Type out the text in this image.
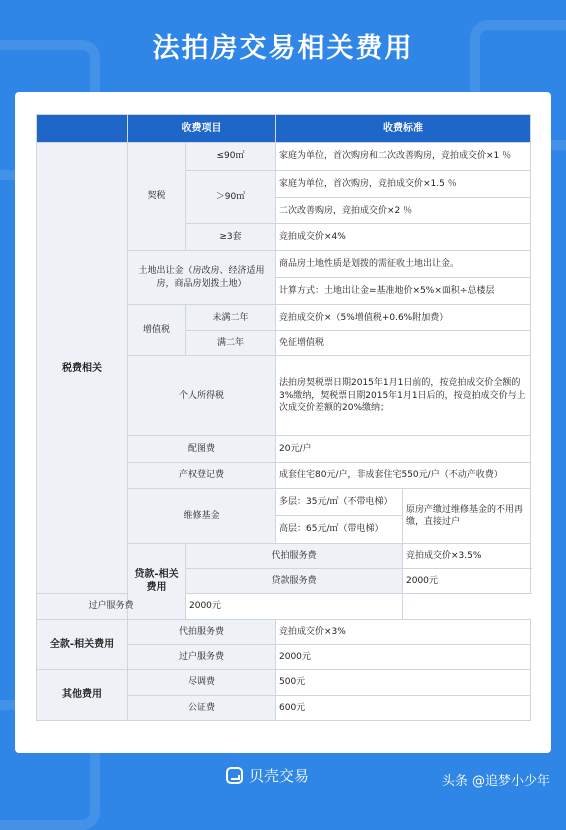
法拍房交易相关费用
	收费项目		收费标准	
税费相关	契税	≤90㎡	家庭为单位，首次购房和二次改善购房，竞拍成交价×1 ％	
		＞90㎡	家庭为单位，首次购房，竞拍成交价×1.5 ％	
			二次改善购房，竞拍成交价×2 ％	
		≥3套	竞拍成交价×4%	
	土地出让金（房改房、经济适用房，商品房划拨土地）		商品房土地性质是划拨的需征收土地出让金。	
			计算方式：土地出让金=基准地价×5%×面积÷总楼层	
	增值税	未满二年	竞拍成交价×（5%增值税+0.6%附加费）	
		满二年	免征增值税	
	个人所得税		法拍房契税票日期2015年1月1日前的，按竞拍成交价全额的3%缴纳，契税票日期2015年1月1日后的，按竞拍成交价与上次成交价差额的20%缴纳；	
	配图费		20元/户	
	产权登记费		成套住宅80元/户，非成套住宅550元/户（不动产收费）	
	维修基金		多层：35元/㎡（不带电梯）	原房产缴过维修基金的不用再缴，直接过户
			高层：65元/㎡（带电梯）	
	贷款-相关费用	代拍服务费		竞拍成交价×3.5%
		贷款服务费		2000元
过户服务费		2000元		
全款-相关费用	代拍服务费		竞拍成交价×3%	
	过户服务费		2000元	
其他费用	尽调费		500元	
	公证费		600元	
贝壳交易	头条 @追梦小少年
